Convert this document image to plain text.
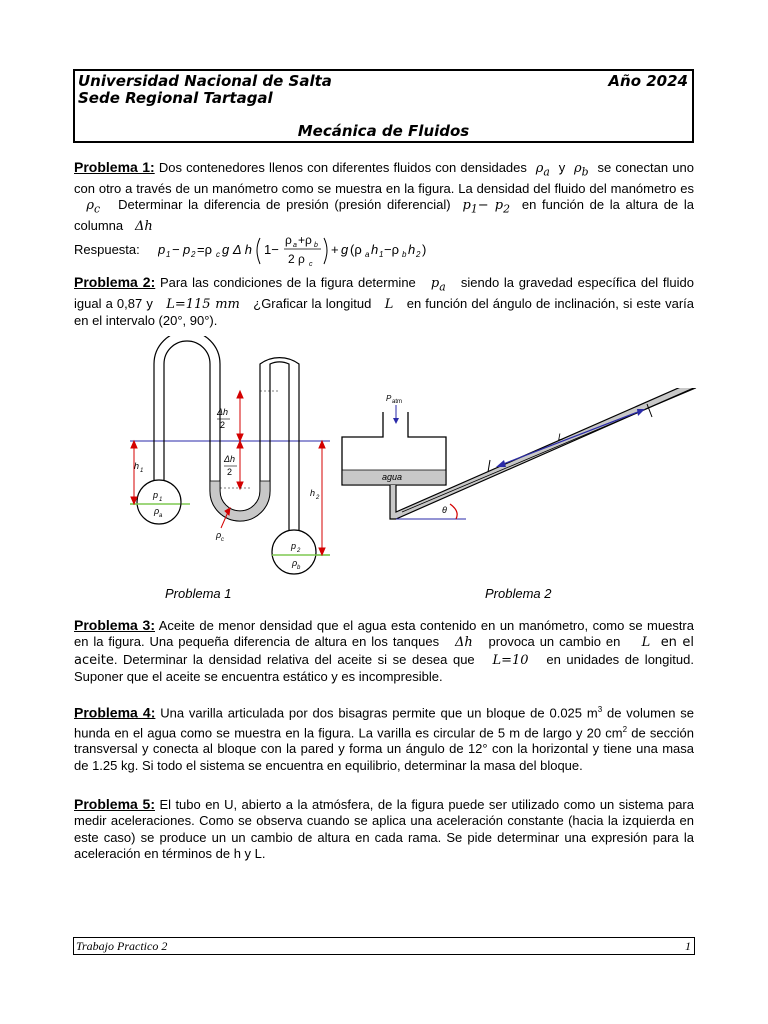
Universidad Nacional de Salta
Sede Regional Tartagal
Año 2024
Mecánica de Fluidos
Problema 1: Dos contenedores llenos con diferentes fluidos con densidades  $\rho_a$ y  $\rho_b$ se conectan uno con otro a través de un manómetro como se muestra en la figura. La densidad del fluido del manómetro es   $\rho_c$ Determinar la diferencia de presión (presión diferencial)  $p_1- p_2$ en función de la altura de la columna   Δh
Respuesta: p 1 − p 2 =ρ c g Δ h 1−
ρ a +ρ b
2 ρ c
+ g (ρ a h 1 −ρ b h 2 )
Problema 2: Para las condiciones de la figura determine   $p_a$ siendo la gravedad específica del fluido igual a 0,87 y   L=115 mm   ¿Graficar la longitud   L   en función del ángulo de inclinación, si este varía en el intervalo (20°, 90°).
Δh
2
Δh
2
h 1
h 2
p 1
ρ a
p 2
ρ b
ρ c
agua
P atm
θ
L
Problema 1	Problema 2
Problema 3: Aceite de menor densidad que el agua esta contenido en un manómetro, como se muestra en la figura. Una pequeña diferencia de altura en los tanques   Δh   provoca un cambio en    L  en el aceite. Determinar la densidad relativa del aceite si se desea que   L=10   en unidades de longitud. Suponer que el aceite se encuentra estático y es incompresible.
Problema 4: Una varilla articulada por dos bisagras permite que un bloque de 0.025 $m^3$ de volumen se hunda en el agua como se muestra en la figura. La varilla es circular de 5 m de largo y 20 $cm^2$ de sección transversal y conecta al bloque con la pared y forma un ángulo de 12° con la horizontal y tiene una masa de 1.25 kg. Si todo el sistema se encuentra en equilibrio, determinar la masa del bloque.
Problema 5: El tubo en U, abierto a la atmósfera, de la figura puede ser utilizado como un sistema para medir aceleraciones. Como se observa cuando se aplica una aceleración constante (hacia la izquierda en este caso) se produce un un cambio de altura en cada rama. Se pide determinar una expresión para la aceleración en términos de h y L.
Trabajo Practico 2	1
